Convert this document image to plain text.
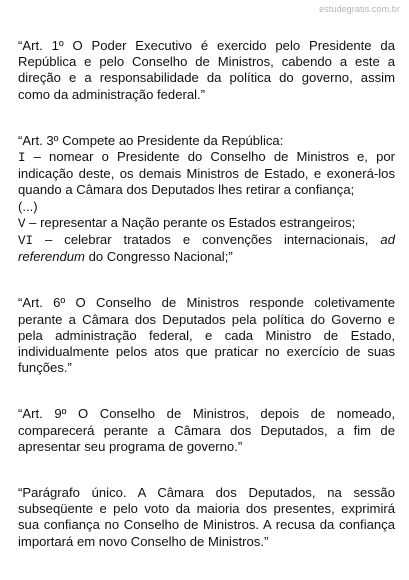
estudegratis.com.br

“Art. 1º O Poder Executivo é exercido pelo Presidente da República e pelo Conselho de Ministros, cabendo a este a direção e a responsabilidade da política do governo, assim como da administração federal.”

“Art. 3º Compete ao Presidente da República:

I – nomear o Presidente do Conselho de Ministros e, por indicação deste, os demais Ministros de Estado, e exonerá-los quando a Câmara dos Deputados lhes retirar a confiança;

(...)

V – representar a Nação perante os Estados estrangeiros;

VI – celebrar tratados e convenções internacionais, ad referendum do Congresso Nacional;”

“Art. 6º O Conselho de Ministros responde coletivamente perante a Câmara dos Deputados pela política do Governo e pela administração federal, e cada Ministro de Estado, individualmente pelos atos que praticar no exercício de suas funções.”

“Art. 9º O Conselho de Ministros, depois de nomeado, comparecerá perante a Câmara dos Deputados, a fim de apresentar seu programa de governo.”

“Parágrafo único. A Câmara dos Deputados, na sessão subseqüente e pelo voto da maioria dos presentes, exprimirá sua confiança no Conselho de Ministros. A recusa da confiança importará em novo Conselho de Ministros.”
